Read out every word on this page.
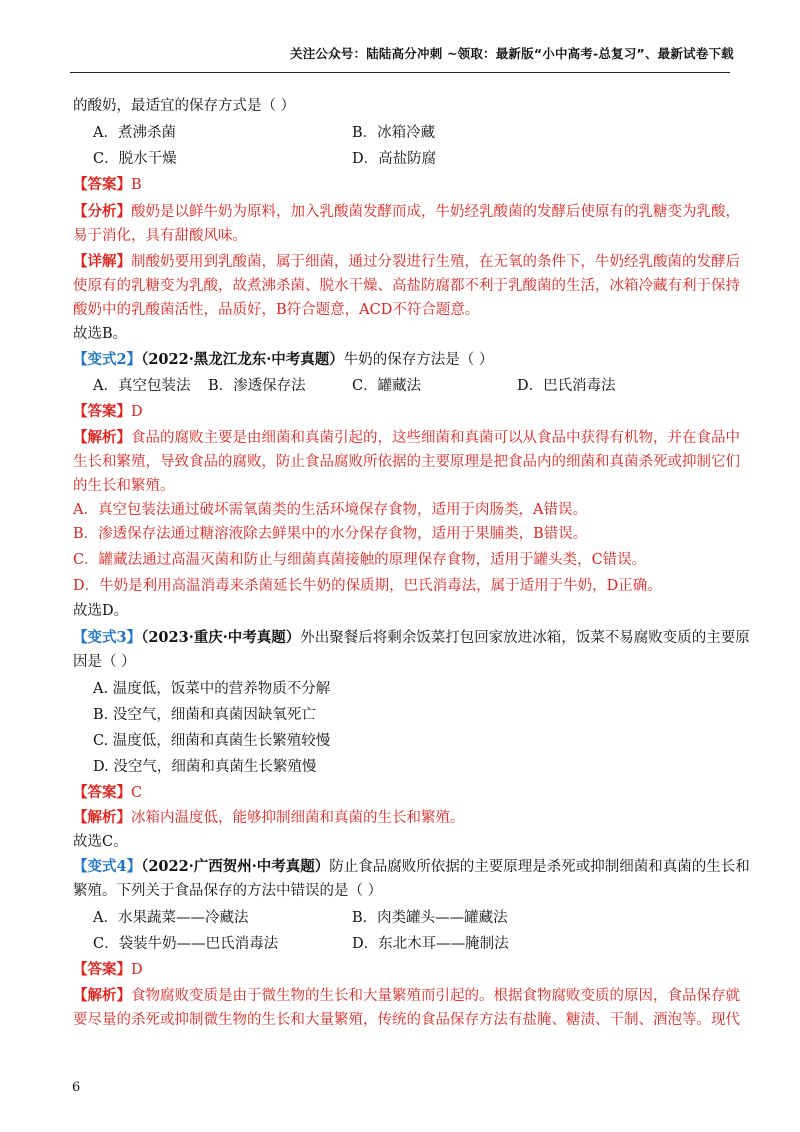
关注公众号：陆陆高分冲刺 ~领取：最新版“小中高考-总复习”、最新试卷下载
的酸奶，最适宜的保存方式是（ ）
A．煮沸杀菌	B．冰箱冷藏
C．脱水干燥	D．高盐防腐
【答案】B
【分析】酸奶是以鲜牛奶为原料，加入乳酸菌发酵而成，牛奶经乳酸菌的发酵后使原有的乳糖变为乳酸，
易于消化，具有甜酸风味。
【详解】制酸奶要用到乳酸菌，属于细菌，通过分裂进行生殖，在无氧的条件下，牛奶经乳酸菌的发酵后
使原有的乳糖变为乳酸，故煮沸杀菌、脱水干燥、高盐防腐都不利于乳酸菌的生活，冰箱冷藏有利于保持
酸奶中的乳酸菌活性，品质好，B符合题意，ACD不符合题意。
故选B。
【变式2】（2022·黑龙江龙东·中考真题）牛奶的保存方法是（ ）
A．真空包装法 B．渗透保存法	C．罐藏法	D．巴氏消毒法
【答案】D
【解析】食品的腐败主要是由细菌和真菌引起的，这些细菌和真菌可以从食品中获得有机物，并在食品中
生长和繁殖，导致食品的腐败，防止食品腐败所依据的主要原理是把食品内的细菌和真菌杀死或抑制它们
的生长和繁殖。
A．真空包装法通过破坏需氧菌类的生活环境保存食物，适用于肉肠类，A错误。
B．渗透保存法通过糖溶液除去鲜果中的水分保存食物，适用于果脯类，B错误。
C．罐藏法通过高温灭菌和防止与细菌真菌接触的原理保存食物，适用于罐头类，C错误。
D．牛奶是利用高温消毒来杀菌延长牛奶的保质期，巴氏消毒法，属于适用于牛奶，D正确。
故选D。
【变式3】（2023·重庆·中考真题）外出聚餐后将剩余饭菜打包回家放进冰箱，饭菜不易腐败变质的主要原
因是（ ）
A. 温度低，饭菜中的营养物质不分解
B. 没空气，细菌和真菌因缺氧死亡
C. 温度低，细菌和真菌生长繁殖较慢
D. 没空气，细菌和真菌生长繁殖慢
【答案】C
【解析】冰箱内温度低，能够抑制细菌和真菌的生长和繁殖。
故选C。
【变式4】（2022·广西贺州·中考真题）防止食品腐败所依据的主要原理是杀死或抑制细菌和真菌的生长和
繁殖。下列关于食品保存的方法中错误的是（ ）
A．水果蔬菜——冷藏法	B．肉类罐头——罐藏法
C．袋装牛奶——巴氏消毒法	D．东北木耳——腌制法
【答案】D
【解析】食物腐败变质是由于微生物的生长和大量繁殖而引起的。根据食物腐败变质的原因，食品保存就
要尽量的杀死或抑制微生物的生长和大量繁殖，传统的食品保存方法有盐腌、糖渍、干制、酒泡等。现代
6
